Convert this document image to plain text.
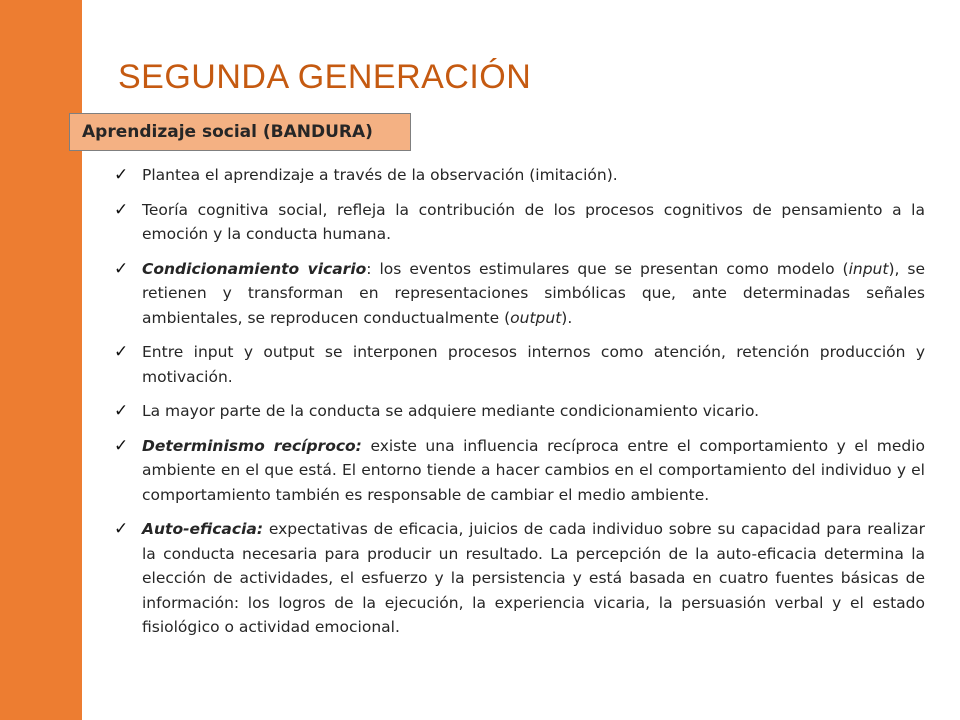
SEGUNDA GENERACIÓN
Aprendizaje social (BANDURA)
✓ Plantea el aprendizaje a través de la observación (imitación).
✓ Teoría cognitiva social, refleja la contribución de los procesos cognitivos de pensamiento a la emoción y la conducta humana.
✓ Condicionamiento vicario: los eventos estimulares que se presentan como modelo (input), se retienen y transforman en representaciones simbólicas que, ante determinadas señales ambientales, se reproducen conductualmente (output).
✓ Entre input y output se interponen procesos internos como atención, retención producción y motivación.
✓ La mayor parte de la conducta se adquiere mediante condicionamiento vicario.
✓ Determinismo recíproco: existe una influencia recíproca entre el comportamiento y el medio ambiente en el que está. El entorno tiende a hacer cambios en el comportamiento del individuo y el comportamiento también es responsable de cambiar el medio ambiente.
✓ Auto-eficacia: expectativas de eficacia, juicios de cada individuo sobre su capacidad para realizar la conducta necesaria para producir un resultado. La percepción de la auto-eficacia determina la elección de actividades, el esfuerzo y la persistencia y está basada en cuatro fuentes básicas de información: los logros de la ejecución, la experiencia vicaria, la persuasión verbal y el estado fisiológico o actividad emocional.
